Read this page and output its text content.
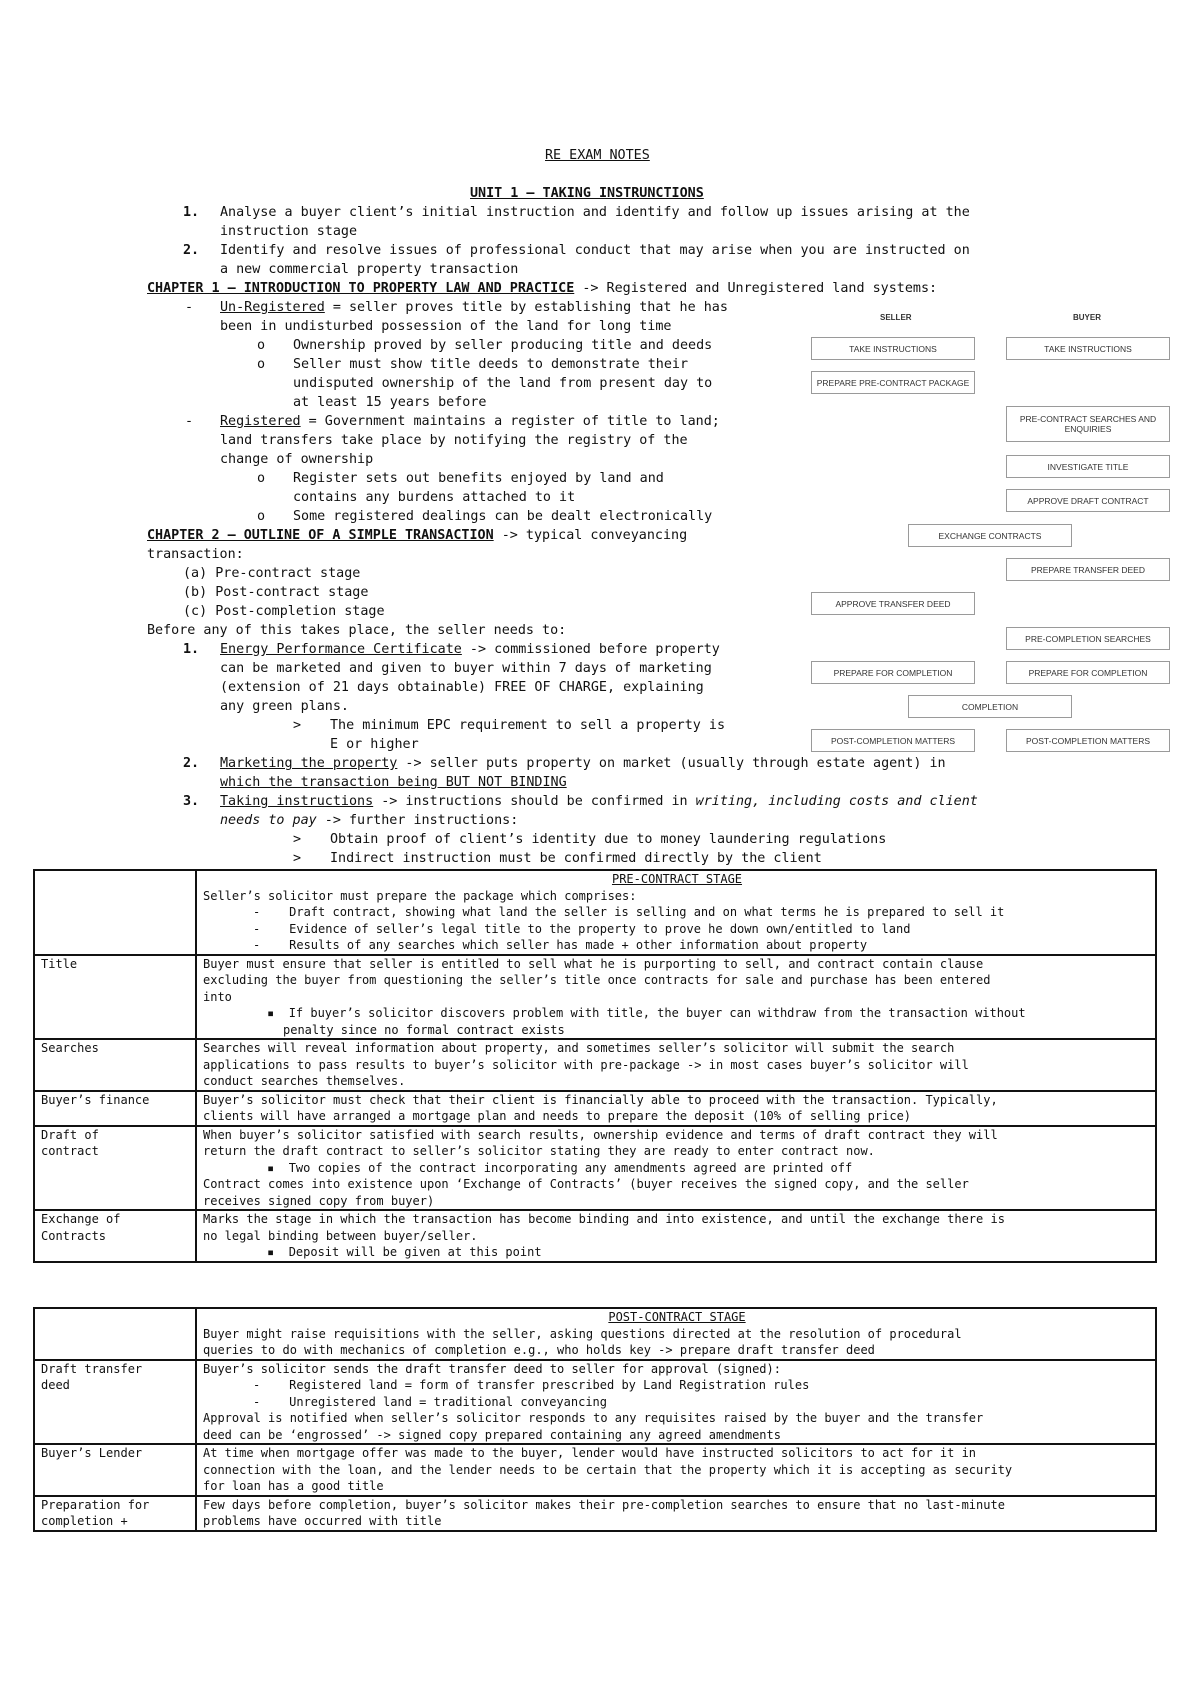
RE EXAM NOTES
UNIT 1 – TAKING INSTRUNCTIONS
1. Analyse a buyer client’s initial instruction and identify and follow up issues arising at the
instruction stage
2. Identify and resolve issues of professional conduct that may arise when you are instructed on
a new commercial property transaction
CHAPTER 1 – INTRODUCTION TO PROPERTY LAW AND PRACTICE -> Registered and Unregistered land systems:
- Un-Registered = seller proves title by establishing that he has
been in undisturbed possession of the land for long time
o Ownership proved by seller producing title and deeds
o Seller must show title deeds to demonstrate their
undisputed ownership of the land from present day to
at least 15 years before
- Registered = Government maintains a register of title to land;
land transfers take place by notifying the registry of the
change of ownership
o Register sets out benefits enjoyed by land and
contains any burdens attached to it
o Some registered dealings can be dealt electronically
CHAPTER 2 – OUTLINE OF A SIMPLE TRANSACTION -> typical conveyancing
transaction:
(a) Pre-contract stage
(b) Post-contract stage
(c) Post-completion stage
Before any of this takes place, the seller needs to:
1. Energy Performance Certificate -> commissioned before property
can be marketed and given to buyer within 7 days of marketing
(extension of 21 days obtainable) FREE OF CHARGE, explaining
any green plans.
> The minimum EPC requirement to sell a property is
E or higher
2. Marketing the property -> seller puts property on market (usually through estate agent) in
which the transaction being BUT NOT BINDING
3. Taking instructions -> instructions should be confirmed in writing, including costs and client
needs to pay -> further instructions:
> Obtain proof of client’s identity due to money laundering regulations
> Indirect instruction must be confirmed directly by the client
SELLER	BUYER
TAKE INSTRUCTIONS	TAKE INSTRUCTIONS
PREPARE PRE-CONTRACT PACKAGE
PRE-CONTRACT SEARCHES AND ENQUIRIES
INVESTIGATE TITLE
APPROVE DRAFT CONTRACT
EXCHANGE CONTRACTS
PREPARE TRANSFER DEED
APPROVE TRANSFER DEED
PRE-COMPLETION SEARCHES
PREPARE FOR COMPLETION	PREPARE FOR COMPLETION
COMPLETION
POST-COMPLETION MATTERS	POST-COMPLETION MATTERS

	PRE-CONTRACT STAGE
Seller’s solicitor must prepare the package which comprises:
-    Draft contract, showing what land the seller is selling and on what terms he is prepared to sell it
-    Evidence of seller’s legal title to the property to prove he down own/entitled to land
-    Results of any searches which seller has made + other information about property

Title	Buyer must ensure that seller is entitled to sell what he is purporting to sell, and contract contain clause
excluding the buyer from questioning the seller’s title once contracts for sale and purchase has been entered
into
▪  If buyer’s solicitor discovers problem with title, the buyer can withdraw from the transaction without
penalty since no formal contract exists

Searches	Searches will reveal information about property, and sometimes seller’s solicitor will submit the search
applications to pass results to buyer’s solicitor with pre-package -> in most cases buyer’s solicitor will
conduct searches themselves.

Buyer’s finance	Buyer’s solicitor must check that their client is financially able to proceed with the transaction. Typically,
clients will have arranged a mortgage plan and needs to prepare the deposit (10% of selling price)

Draft of
contract	When buyer’s solicitor satisfied with search results, ownership evidence and terms of draft contract they will
return the draft contract to seller’s solicitor stating they are ready to enter contract now.
▪  Two copies of the contract incorporating any amendments agreed are printed off
Contract comes into existence upon ‘Exchange of Contracts’ (buyer receives the signed copy, and the seller
receives signed copy from buyer)

Exchange of
Contracts	Marks the stage in which the transaction has become binding and into existence, and until the exchange there is
no legal binding between buyer/seller.
▪  Deposit will be given at this point

	POST-CONTRACT STAGE
Buyer might raise requisitions with the seller, asking questions directed at the resolution of procedural
queries to do with mechanics of completion e.g., who holds key -> prepare draft transfer deed

Draft transfer
deed	Buyer’s solicitor sends the draft transfer deed to seller for approval (signed):
-    Registered land = form of transfer prescribed by Land Registration rules
-    Unregistered land = traditional conveyancing
Approval is notified when seller’s solicitor responds to any requisites raised by the buyer and the transfer
deed can be ‘engrossed’ -> signed copy prepared containing any agreed amendments

Buyer’s Lender	At time when mortgage offer was made to the buyer, lender would have instructed solicitors to act for it in
connection with the loan, and the lender needs to be certain that the property which it is accepting as security
for loan has a good title

Preparation for
completion +	Few days before completion, buyer’s solicitor makes their pre-completion searches to ensure that no last-minute
problems have occurred with title
